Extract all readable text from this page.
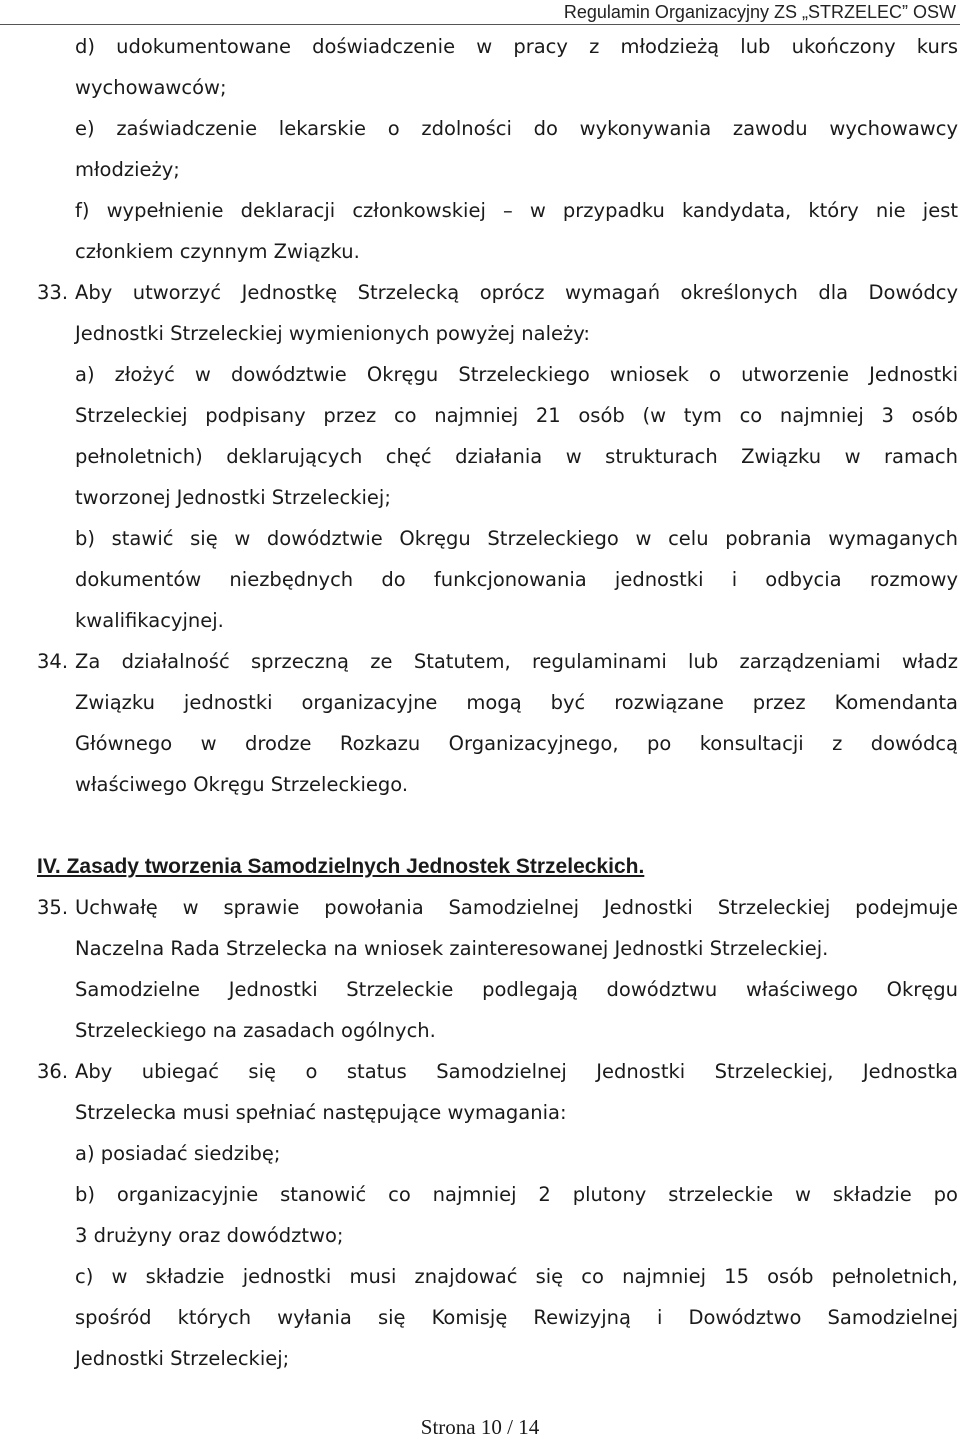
Regulamin Organizacyjny ZS „STRZELEC” OSW
d) udokumentowane doświadczenie w pracy z młodzieżą lub ukończony kurs
wychowawców;
e) zaświadczenie lekarskie o zdolności do wykonywania zawodu wychowawcy
młodzieży;
f) wypełnienie deklaracji członkowskiej – w przypadku kandydata, który nie jest
członkiem czynnym Związku.
33. Aby utworzyć Jednostkę Strzelecką oprócz wymagań określonych dla Dowódcy
Jednostki Strzeleckiej wymienionych powyżej należy:
a) złożyć w dowództwie Okręgu Strzeleckiego wniosek o utworzenie Jednostki
Strzeleckiej podpisany przez co najmniej 21 osób (w tym co najmniej 3 osób
pełnoletnich) deklarujących chęć działania w strukturach Związku w ramach
tworzonej Jednostki Strzeleckiej;
b) stawić się w dowództwie Okręgu Strzeleckiego w celu pobrania wymaganych
dokumentów niezbędnych do funkcjonowania jednostki i odbycia rozmowy
kwalifikacyjnej.
34. Za działalność sprzeczną ze Statutem, regulaminami lub zarządzeniami władz
Związku jednostki organizacyjne mogą być rozwiązane przez Komendanta
Głównego w drodze Rozkazu Organizacyjnego, po konsultacji z dowódcą
właściwego Okręgu Strzeleckiego.
IV. Zasady tworzenia Samodzielnych Jednostek Strzeleckich.
35. Uchwałę w sprawie powołania Samodzielnej Jednostki Strzeleckiej podejmuje
Naczelna Rada Strzelecka na wniosek zainteresowanej Jednostki Strzeleckiej.
Samodzielne Jednostki Strzeleckie podlegają dowództwu właściwego Okręgu
Strzeleckiego na zasadach ogólnych.
36. Aby ubiegać się o status Samodzielnej Jednostki Strzeleckiej, Jednostka
Strzelecka musi spełniać następujące wymagania:
a) posiadać siedzibę;
b) organizacyjnie stanowić co najmniej 2 plutony strzeleckie w składzie po
3 drużyny oraz dowództwo;
c) w składzie jednostki musi znajdować się co najmniej 15 osób pełnoletnich,
spośród których wyłania się Komisję Rewizyjną i Dowództwo Samodzielnej
Jednostki Strzeleckiej;
Strona 10 / 14
